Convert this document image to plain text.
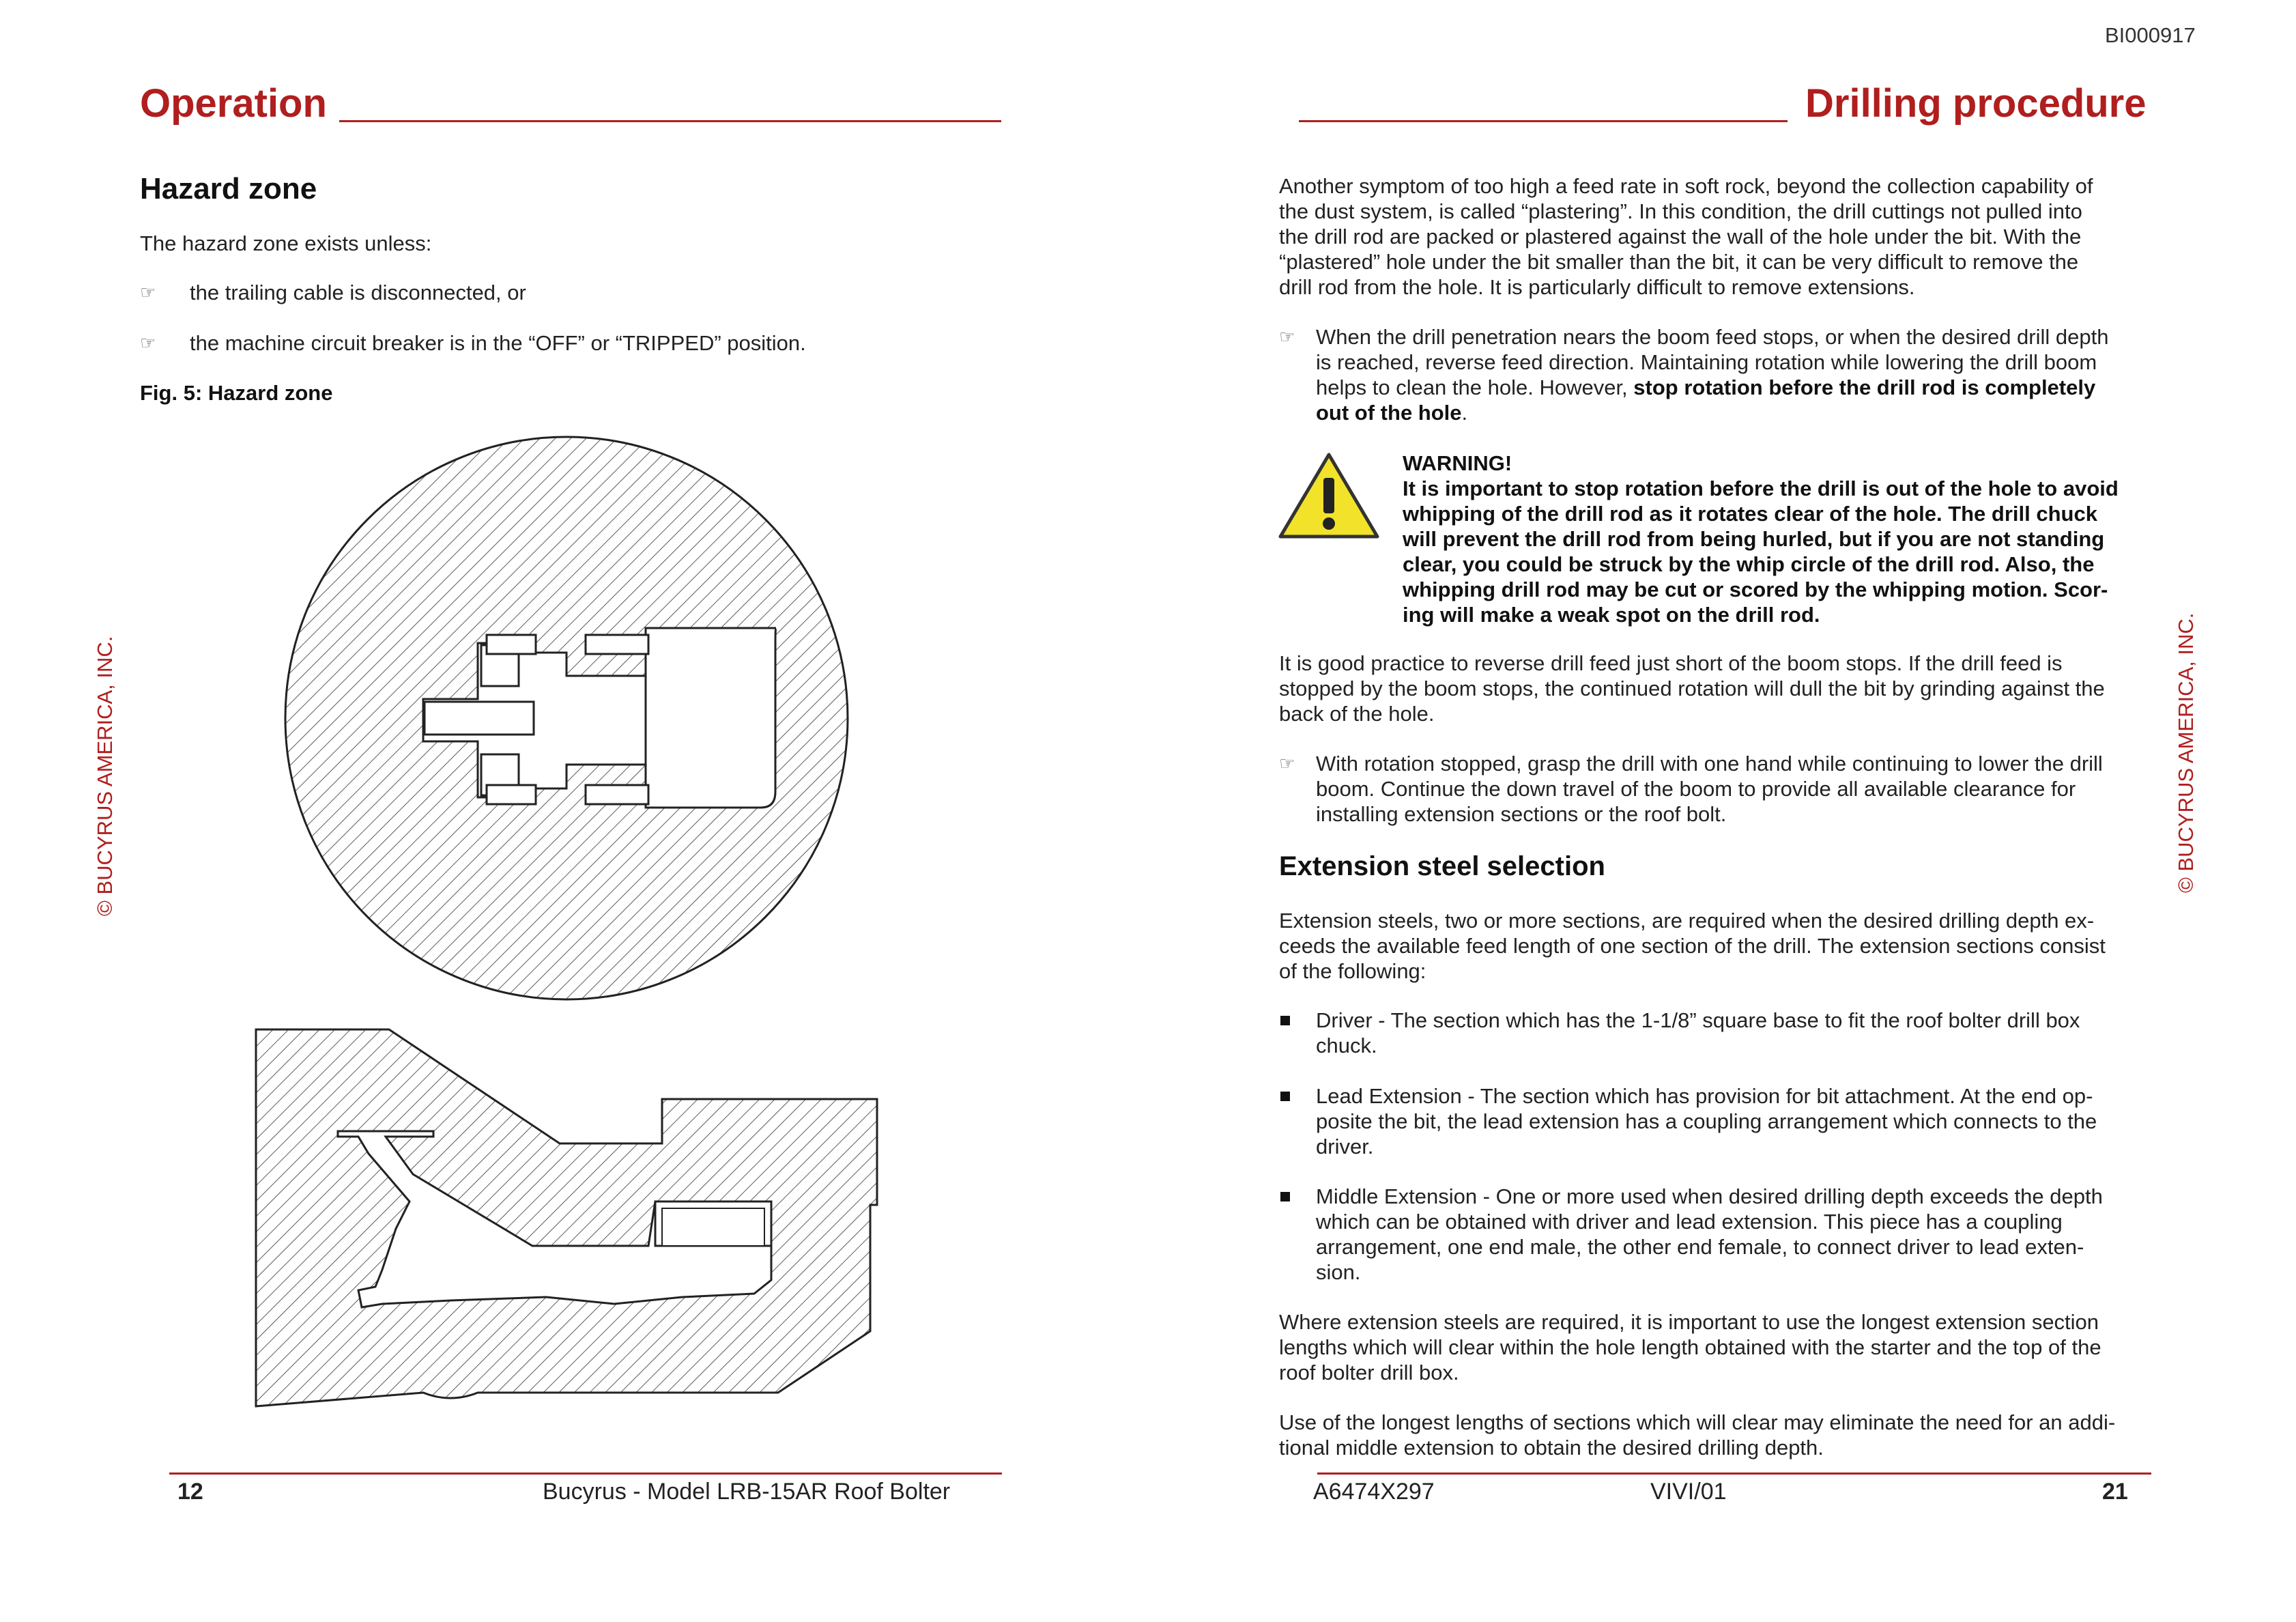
BI000917
Operation	Drilling procedure
© BUCYRUS AMERICA, INC.	© BUCYRUS AMERICA, INC.
Hazard zone
The hazard zone exists unless:
☞ the trailing cable is disconnected, or
☞ the machine circuit breaker is in the “OFF” or “TRIPPED” position.
Fig. 5: Hazard zone
12	Bucyrus - Model LRB-15AR Roof Bolter
Another symptom of too high a feed rate in soft rock, beyond the collection capability of
the dust system, is called “plastering”. In this condition, the drill cuttings not pulled into
the drill rod are packed or plastered against the wall of the hole under the bit. With the
“plastered” hole under the bit smaller than the bit, it can be very difficult to remove the
drill rod from the hole. It is particularly difficult to remove extensions.
☞ When the drill penetration nears the boom feed stops, or when the desired drill depth
is reached, reverse feed direction. Maintaining rotation while lowering the drill boom
helps to clean the hole. However, stop rotation before the drill rod is completely
out of the hole.
WARNING!
It is important to stop rotation before the drill is out of the hole to avoid
whipping of the drill rod as it rotates clear of the hole. The drill chuck
will prevent the drill rod from being hurled, but if you are not standing
clear, you could be struck by the whip circle of the drill rod. Also, the
whipping drill rod may be cut or scored by the whipping motion. Scor-
ing will make a weak spot on the drill rod.
It is good practice to reverse drill feed just short of the boom stops. If the drill feed is
stopped by the boom stops, the continued rotation will dull the bit by grinding against the
back of the hole.
☞ With rotation stopped, grasp the drill with one hand while continuing to lower the drill
boom. Continue the down travel of the boom to provide all available clearance for
installing extension sections or the roof bolt.
Extension steel selection
Extension steels, two or more sections, are required when the desired drilling depth ex-
ceeds the available feed length of one section of the drill. The extension sections consist
of the following:
Driver - The section which has the 1-1/8” square base to fit the roof bolter drill box
chuck.
Lead Extension - The section which has provision for bit attachment. At the end op-
posite the bit, the lead extension has a coupling arrangement which connects to the
driver.
Middle Extension - One or more used when desired drilling depth exceeds the depth
which can be obtained with driver and lead extension. This piece has a coupling
arrangement, one end male, the other end female, to connect driver to lead exten-
sion.
Where extension steels are required, it is important to use the longest extension section
lengths which will clear within the hole length obtained with the starter and the top of the
roof bolter drill box.
Use of the longest lengths of sections which will clear may eliminate the need for an addi-
tional middle extension to obtain the desired drilling depth.
A6474X297	VIVI/01	21
